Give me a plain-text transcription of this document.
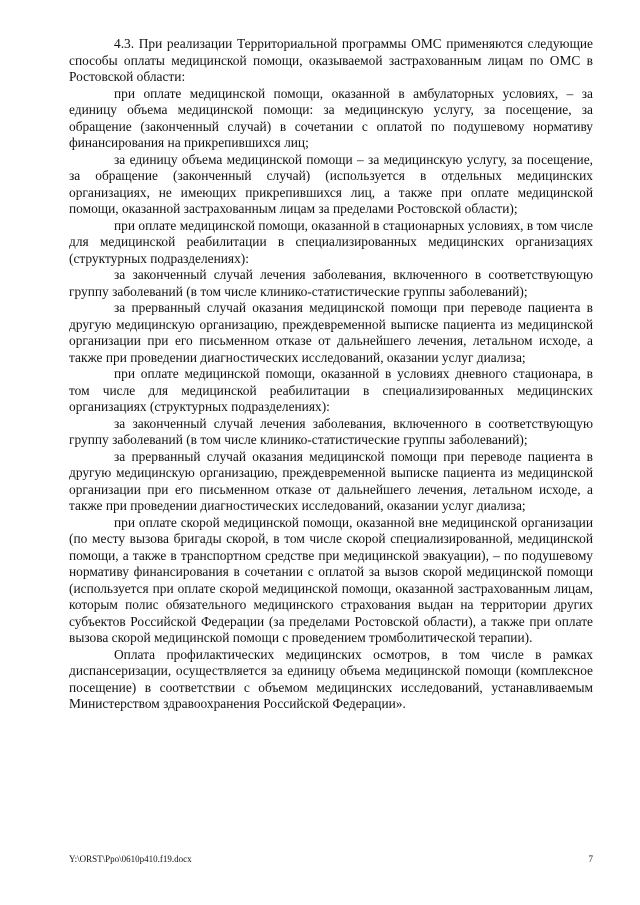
4.3. При реализации Территориальной программы ОМС применяются следующие способы оплаты медицинской помощи, оказываемой застрахованным лицам по ОМС в Ростовской области:

при оплате медицинской помощи, оказанной в амбулаторных условиях, – за единицу объема медицинской помощи: за медицинскую услугу, за посещение, за обращение (законченный случай) в сочетании с оплатой по подушевому нормативу финансирования на прикрепившихся лиц;

за единицу объема медицинской помощи – за медицинскую услугу, за посещение, за обращение (законченный случай) (используется в отдельных медицинских организациях, не имеющих прикрепившихся лиц, а также при оплате медицинской помощи, оказанной застрахованным лицам за пределами Ростовской области);

при оплате медицинской помощи, оказанной в стационарных условиях, в том числе для медицинской реабилитации в специализированных медицинских организациях (структурных подразделениях):

за законченный случай лечения заболевания, включенного в соответствующую группу заболеваний (в том числе клинико-статистические группы заболеваний);

за прерванный случай оказания медицинской помощи при переводе пациента в другую медицинскую организацию, преждевременной выписке пациента из медицинской организации при его письменном отказе от дальнейшего лечения, летальном исходе, а также при проведении диагностических исследований, оказании услуг диализа;

при оплате медицинской помощи, оказанной в условиях дневного стационара, в том числе для медицинской реабилитации в специализированных медицинских организациях (структурных подразделениях):

за законченный случай лечения заболевания, включенного в соответствующую группу заболеваний (в том числе клинико-статистические группы заболеваний);

за прерванный случай оказания медицинской помощи при переводе пациента в другую медицинскую организацию, преждевременной выписке пациента из медицинской организации при его письменном отказе от дальнейшего лечения, летальном исходе, а также при проведении диагностических исследований, оказании услуг диализа;

при оплате скорой медицинской помощи, оказанной вне медицинской организации (по месту вызова бригады скорой, в том числе скорой специализированной, медицинской помощи, а также в транспортном средстве при медицинской эвакуации), – по подушевому нормативу финансирования в сочетании с оплатой за вызов скорой медицинской помощи (используется при оплате скорой медицинской помощи, оказанной застрахованным лицам, которым полис обязательного медицинского страхования выдан на территории других субъектов Российской Федерации (за пределами Ростовской области), а также при оплате вызова скорой медицинской помощи с проведением тромболитической терапии).

Оплата профилактических медицинских осмотров, в том числе в рамках диспансеризации, осуществляется за единицу объема медицинской помощи (комплексное посещение) в соответствии с объемом медицинских исследований, устанавливаемым Министерством здравоохранения Российской Федерации».

Y:\ORST\Ppo\0610p410.f19.docx	7
